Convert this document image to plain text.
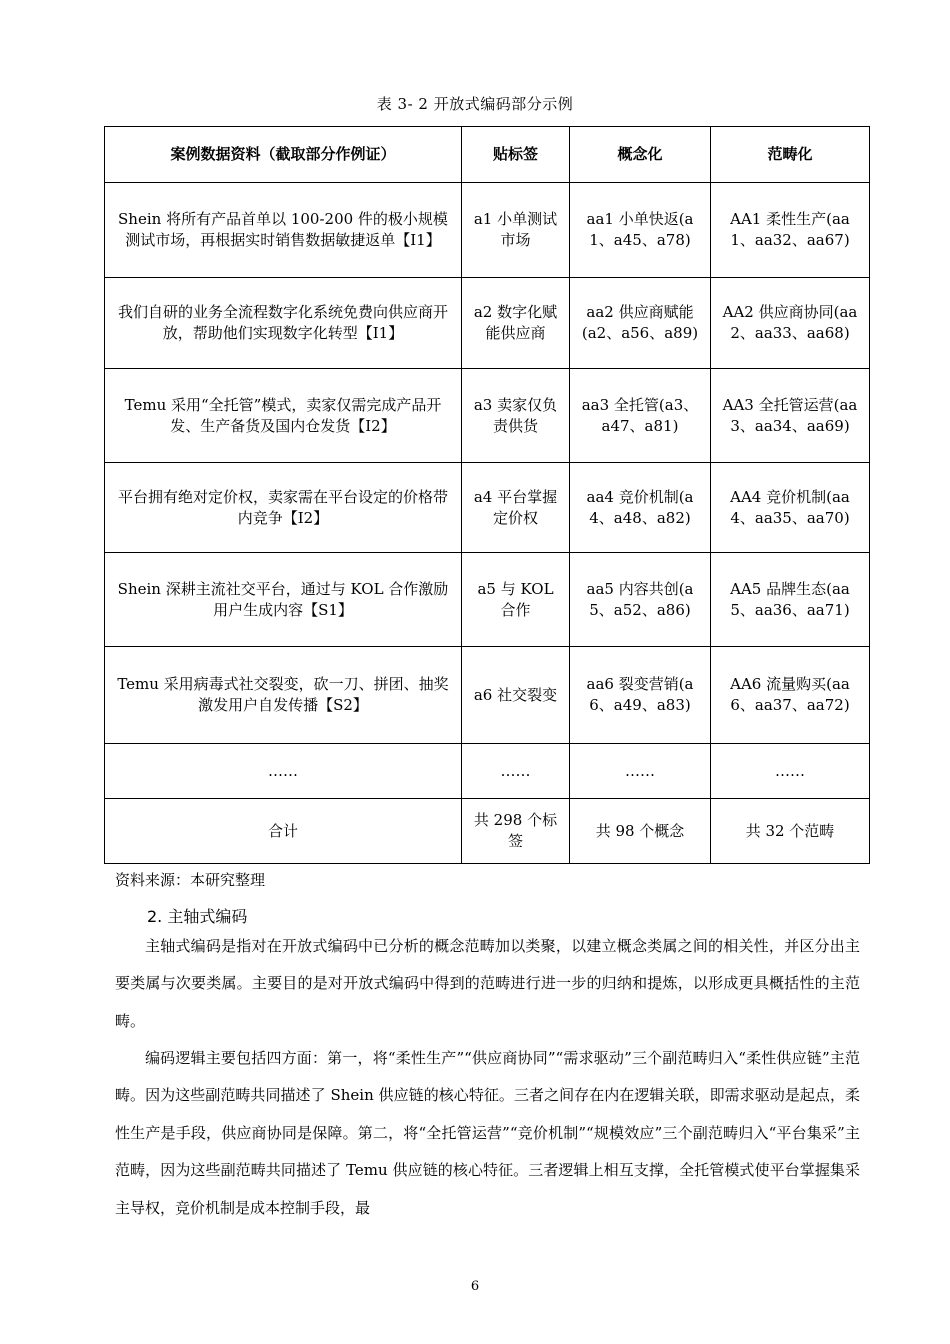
表 3- 2 开放式编码部分示例
案例数据资料（截取部分作例证）	贴标签	概念化	范畴化
Shein 将所有产品首单以 100-200 件的极小规模测试市场，再根据实时销售数据敏捷返单【I1】	a1 小单测试市场	aa1 小单快返(a1、a45、a78)	AA1 柔性生产(aa1、aa32、aa67)
我们自研的业务全流程数字化系统免费向供应商开放，帮助他们实现数字化转型【I1】	a2 数字化赋能供应商	aa2 供应商赋能(a2、a56、a89)	AA2 供应商协同(aa2、aa33、aa68)
Temu 采用“全托管”模式，卖家仅需完成产品开发、生产备货及国内仓发货【I2】	a3 卖家仅负责供货	aa3 全托管(a3、a47、a81)	AA3 全托管运营(aa3、aa34、aa69)
平台拥有绝对定价权，卖家需在平台设定的价格带内竞争【I2】	a4 平台掌握定价权	aa4 竞价机制(a4、a48、a82)	AA4 竞价机制(aa4、aa35、aa70)
Shein 深耕主流社交平台，通过与 KOL 合作激励用户生成内容【S1】	a5 与 KOL 合作	aa5 内容共创(a5、a52、a86)	AA5 品牌生态(aa5、aa36、aa71)
Temu 采用病毒式社交裂变，砍一刀、拼团、抽奖激发用户自发传播【S2】	a6 社交裂变	aa6 裂变营销(a6、a49、a83)	AA6 流量购买(aa6、aa37、aa72)
……	……	……	……
合计	共 298 个标签	共 98 个概念	共 32 个范畴
资料来源：本研究整理
2. 主轴式编码

主轴式编码是指对在开放式编码中已分析的概念范畴加以类聚，以建立概念类属之间的相关性，并区分出主要类属与次要类属。主要目的是对开放式编码中得到的范畴进行进一步的归纳和提炼，以形成更具概括性的主范畴。

编码逻辑主要包括四方面：第一，将“柔性生产”“供应商协同”“需求驱动”三个副范畴归入“柔性供应链”主范畴。因为这些副范畴共同描述了 Shein 供应链的核心特征。三者之间存在内在逻辑关联，即需求驱动是起点，柔性生产是手段，供应商协同是保障。第二，将“全托管运营”“竞价机制”“规模效应”三个副范畴归入“平台集采”主范畴，因为这些副范畴共同描述了 Temu 供应链的核心特征。三者逻辑上相互支撑，全托管模式使平台掌握集采主导权，竞价机制是成本控制手段，最

6
